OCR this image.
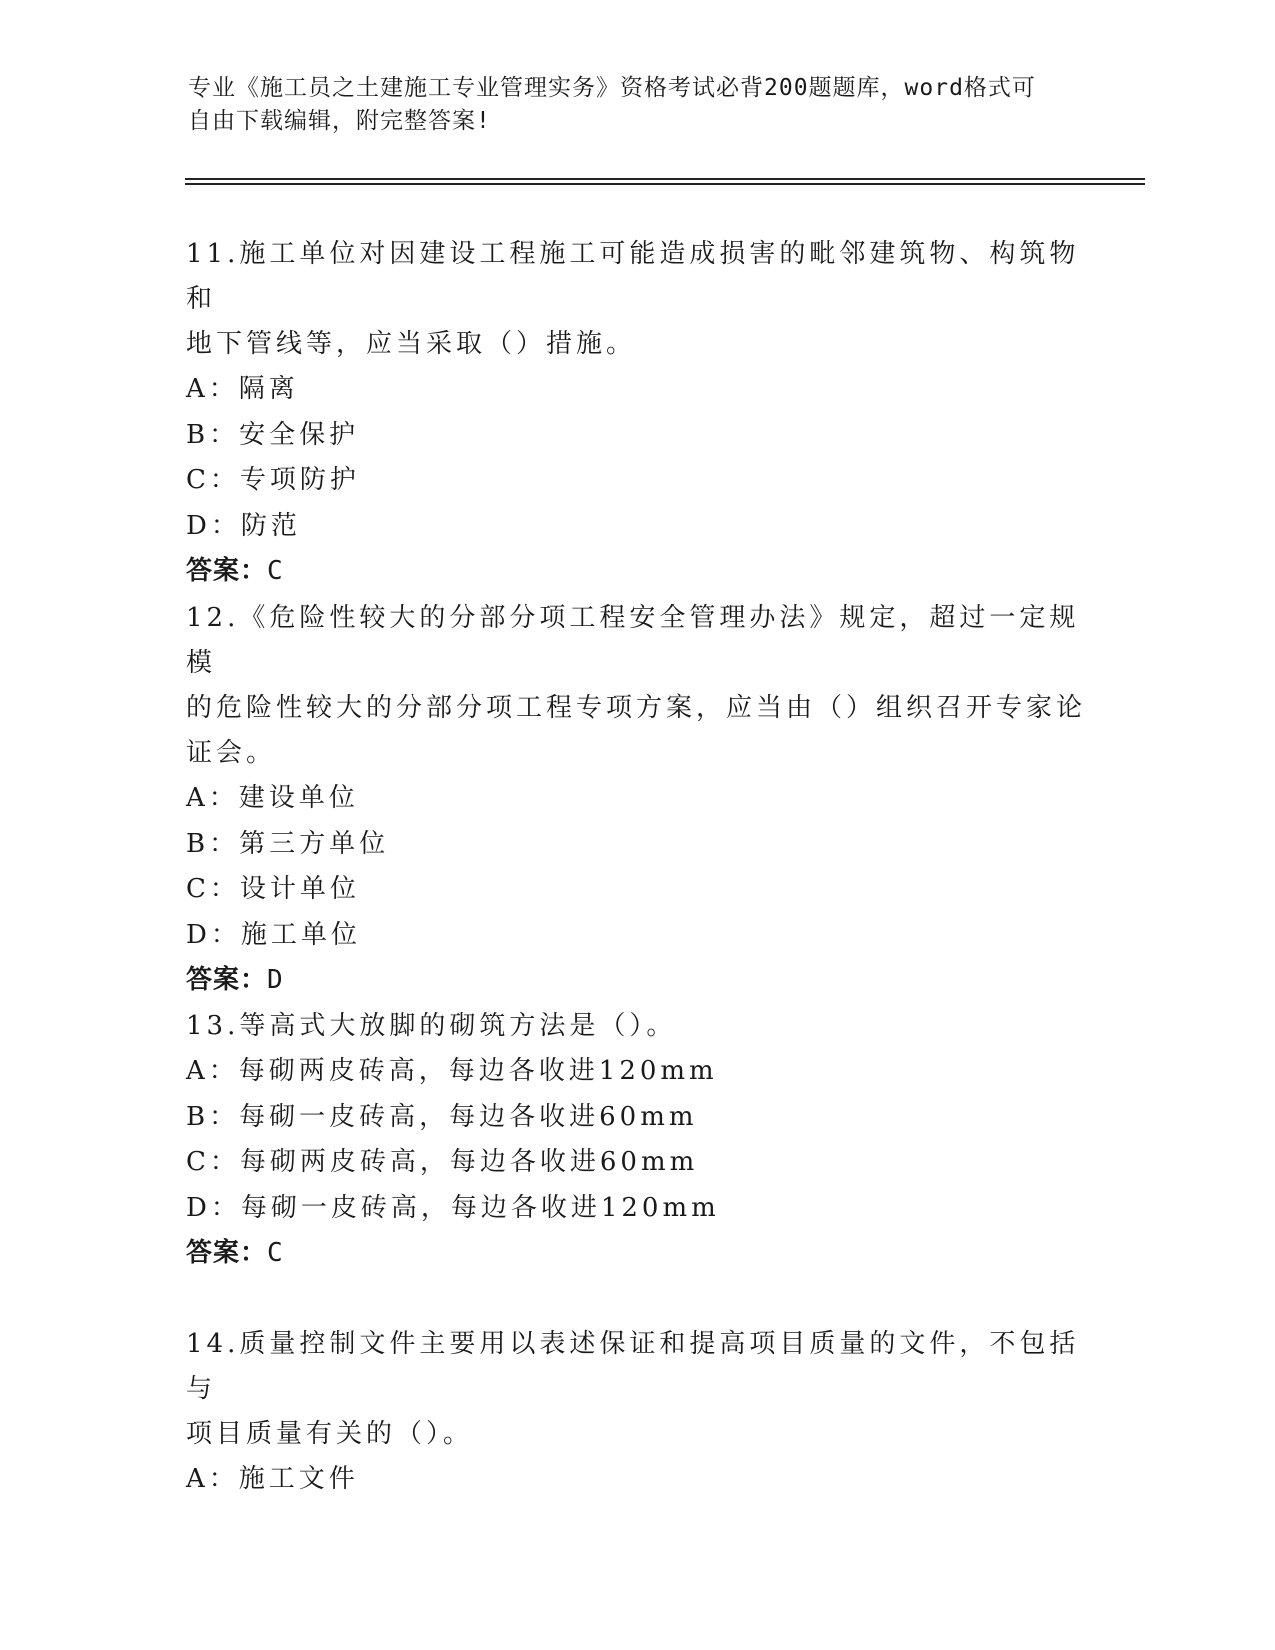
专业《施工员之土建施工专业管理实务》资格考试必背200题题库，word格式可
自由下载编辑，附完整答案!

11.施工单位对因建设工程施工可能造成损害的毗邻建筑物、构筑物和

地下管线等，应当采取（）措施。

A：隔离

B：安全保护

C：专项防护

D：防范

答案：C

12.《危险性较大的分部分项工程安全管理办法》规定，超过一定规模

的危险性较大的分部分项工程专项方案，应当由（）组织召开专家论

证会。

A：建设单位

B：第三方单位

C：设计单位

D：施工单位

答案：D

13.等高式大放脚的砌筑方法是（）。

A：每砌两皮砖高，每边各收进120mm

B：每砌一皮砖高，每边各收进60mm

C：每砌两皮砖高，每边各收进60mm

D：每砌一皮砖高，每边各收进120mm

答案：C

14.质量控制文件主要用以表述保证和提高项目质量的文件，不包括与

项目质量有关的（）。

A：施工文件
